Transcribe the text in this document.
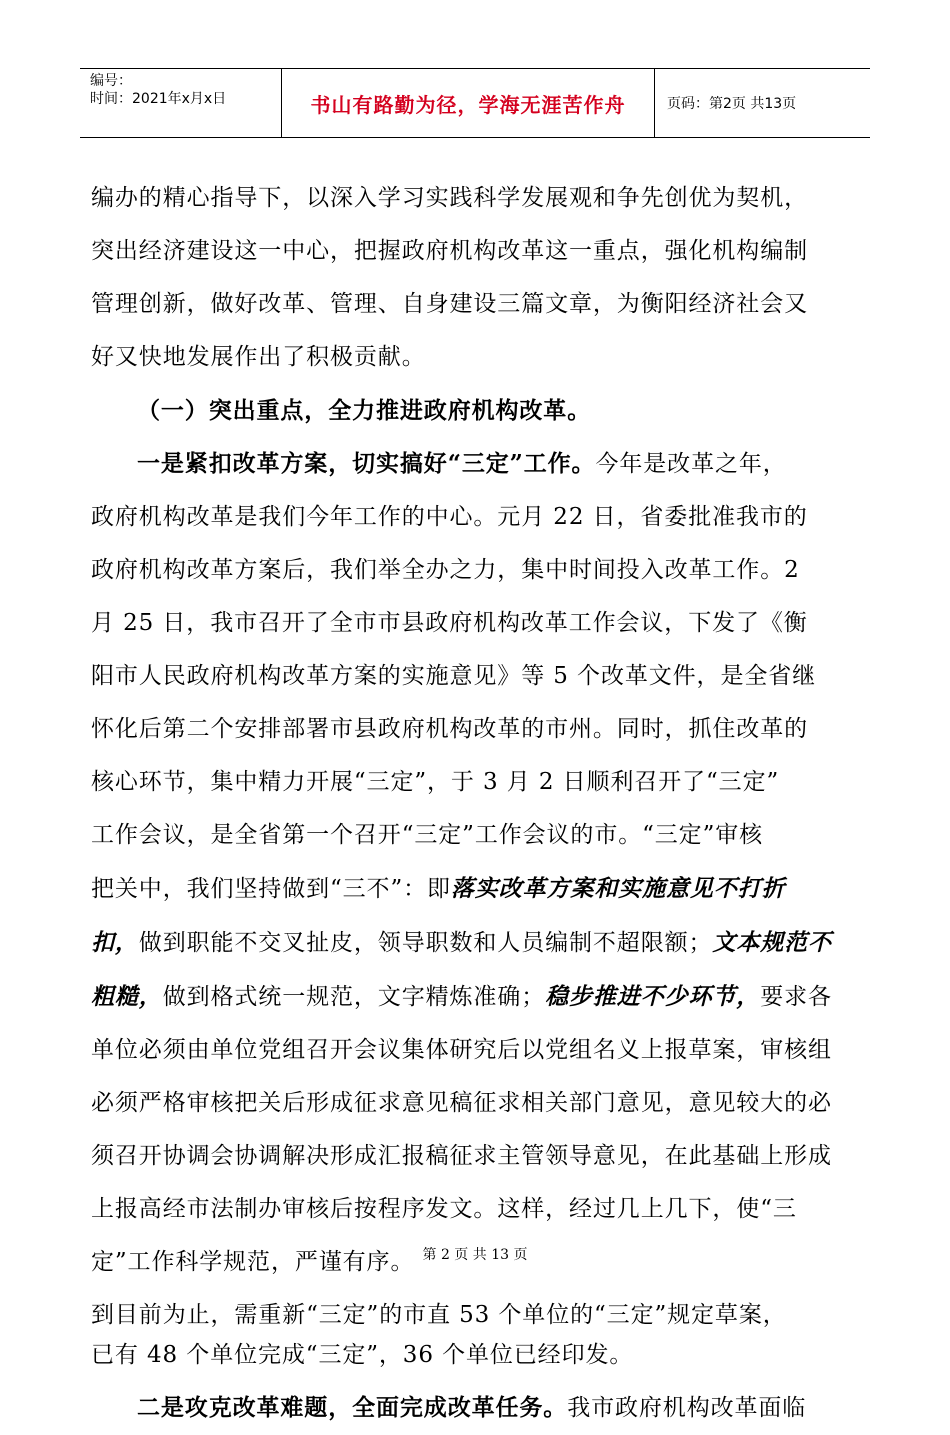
编号：
时间：2021年x月x日	书山有路勤为径，学海无涯苦作舟	页码：第2页 共13页

编办的精心指导下，以深入学习实践科学发展观和争先创优为契机，
突出经济建设这一中心，把握政府机构改革这一重点，强化机构编制
管理创新，做好改革、管理、自身建设三篇文章，为衡阳经济社会又
好又快地发展作出了积极贡献。

（一）突出重点，全力推进政府机构改革。

一是紧扣改革方案，切实搞好“三定”工作。今年是改革之年，
政府机构改革是我们今年工作的中心。元月 22 日，省委批准我市的
政府机构改革方案后，我们举全办之力，集中时间投入改革工作。2
月 25 日，我市召开了全市市县政府机构改革工作会议，下发了《衡
阳市人民政府机构改革方案的实施意见》等 5 个改革文件，是全省继
怀化后第二个安排部署市县政府机构改革的市州。同时，抓住改革的
核心环节，集中精力开展“三定”，于 3 月 2 日顺利召开了“三定”
工作会议，是全省第一个召开“三定”工作会议的市。“三定”审核
把关中，我们坚持做到“三不”：即落实改革方案和实施意见不打折
扣，做到职能不交叉扯皮，领导职数和人员编制不超限额；文本规范不
粗糙，做到格式统一规范，文字精炼准确；稳步推进不少环节，要求各
单位必须由单位党组召开会议集体研究后以党组名义上报草案，审核组
必须严格审核把关后形成征求意见稿征求相关部门意见，意见较大的必
须召开协调会协调解决形成汇报稿征求主管领导意见，在此基础上形成
上报高经市法制办审核后按程序发文。这样，经过几上几下，使“三
定”工作科学规范，严谨有序。

到目前为止，需重新“三定”的市直 53 个单位的“三定”规定草案，
已有 48 个单位完成“三定”，36 个单位已经印发。

二是攻克改革难题，全面完成改革任务。我市政府机构改革面临

第 2 页 共 13 页
